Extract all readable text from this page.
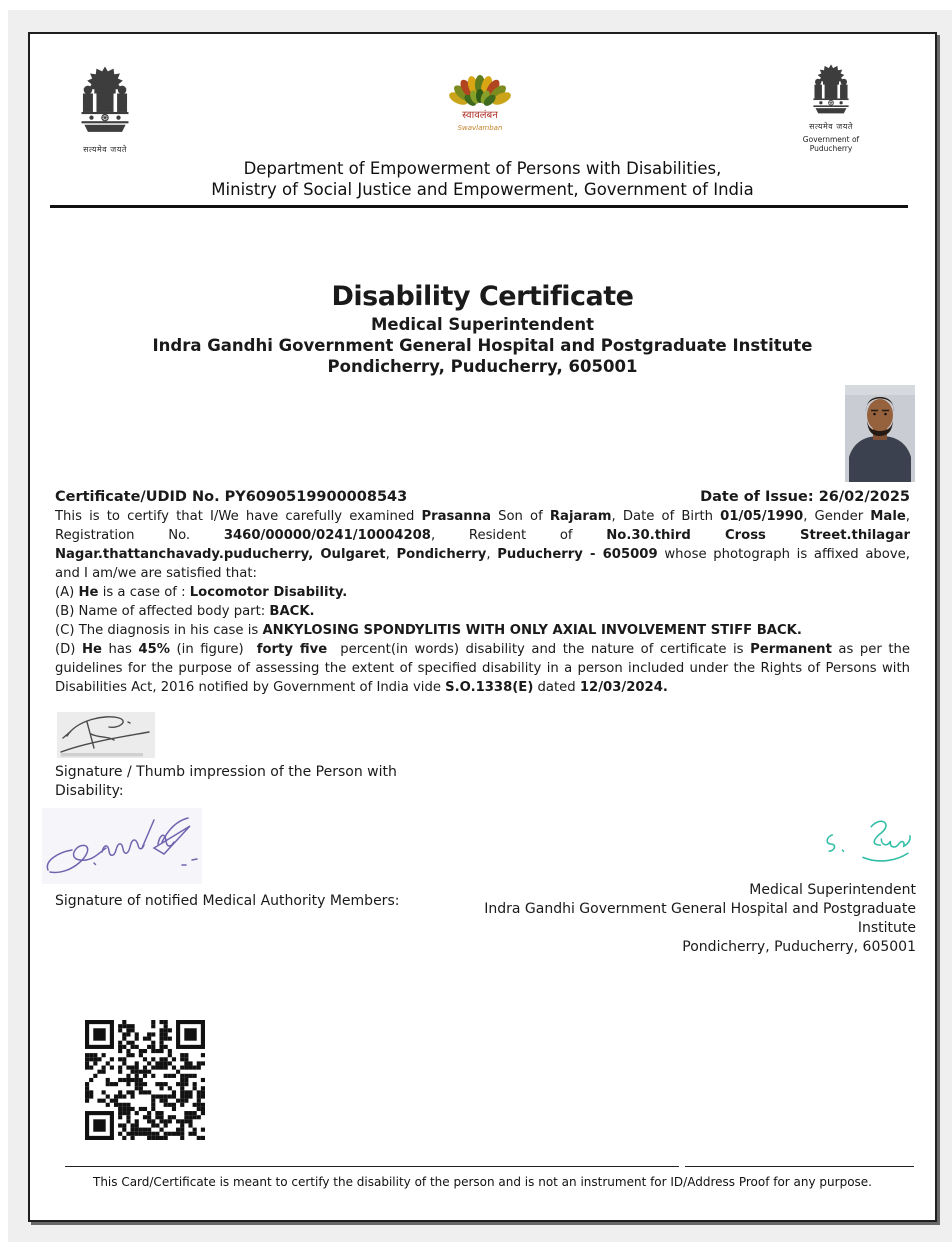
सत्यमेव जयते
स्वावलंबन
Swavlamban	सत्यमेव जयते
Government of Puducherry
Department of Empowerment of Persons with Disabilities,
Ministry of Social Justice and Empowerment, Government of India
Disability Certificate
Medical Superintendent
Indra Gandhi Government General Hospital and Postgraduate Institute
Pondicherry, Puducherry, 605001
Certificate/UDID No. PY6090519900008543	Date of Issue: 26/02/2025
This is to certify that I/We have carefully examined Prasanna Son of Rajaram, Date of Birth 01/05/1990, Gender Male, Registration No. 3460/00000/0241/10004208, Resident of No.30.third Cross Street.thilagar Nagar.thattanchavady.puducherry, Oulgaret, Pondicherry, Puducherry - 605009 whose photograph is affixed above, and I am/we are satisfied that:
(A) He is a case of : Locomotor Disability.
(B) Name of affected body part: BACK.
(C) The diagnosis in his case is ANKYLOSING SPONDYLITIS WITH ONLY AXIAL INVOLVEMENT STIFF BACK.
(D) He has 45% (in figure)  forty five  percent(in words) disability and the nature of certificate is Permanent as per the guidelines for the purpose of assessing the extent of specified disability in a person included under the Rights of Persons with Disabilities Act, 2016 notified by Government of India vide S.O.1338(E) dated 12/03/2024.
Signature / Thumb impression of the Person with Disability:
Signature of notified Medical Authority Members:
Medical Superintendent
Indra Gandhi Government General Hospital and Postgraduate Institute
Pondicherry, Puducherry, 605001
This Card/Certificate is meant to certify the disability of the person and is not an instrument for ID/Address Proof for any purpose.
